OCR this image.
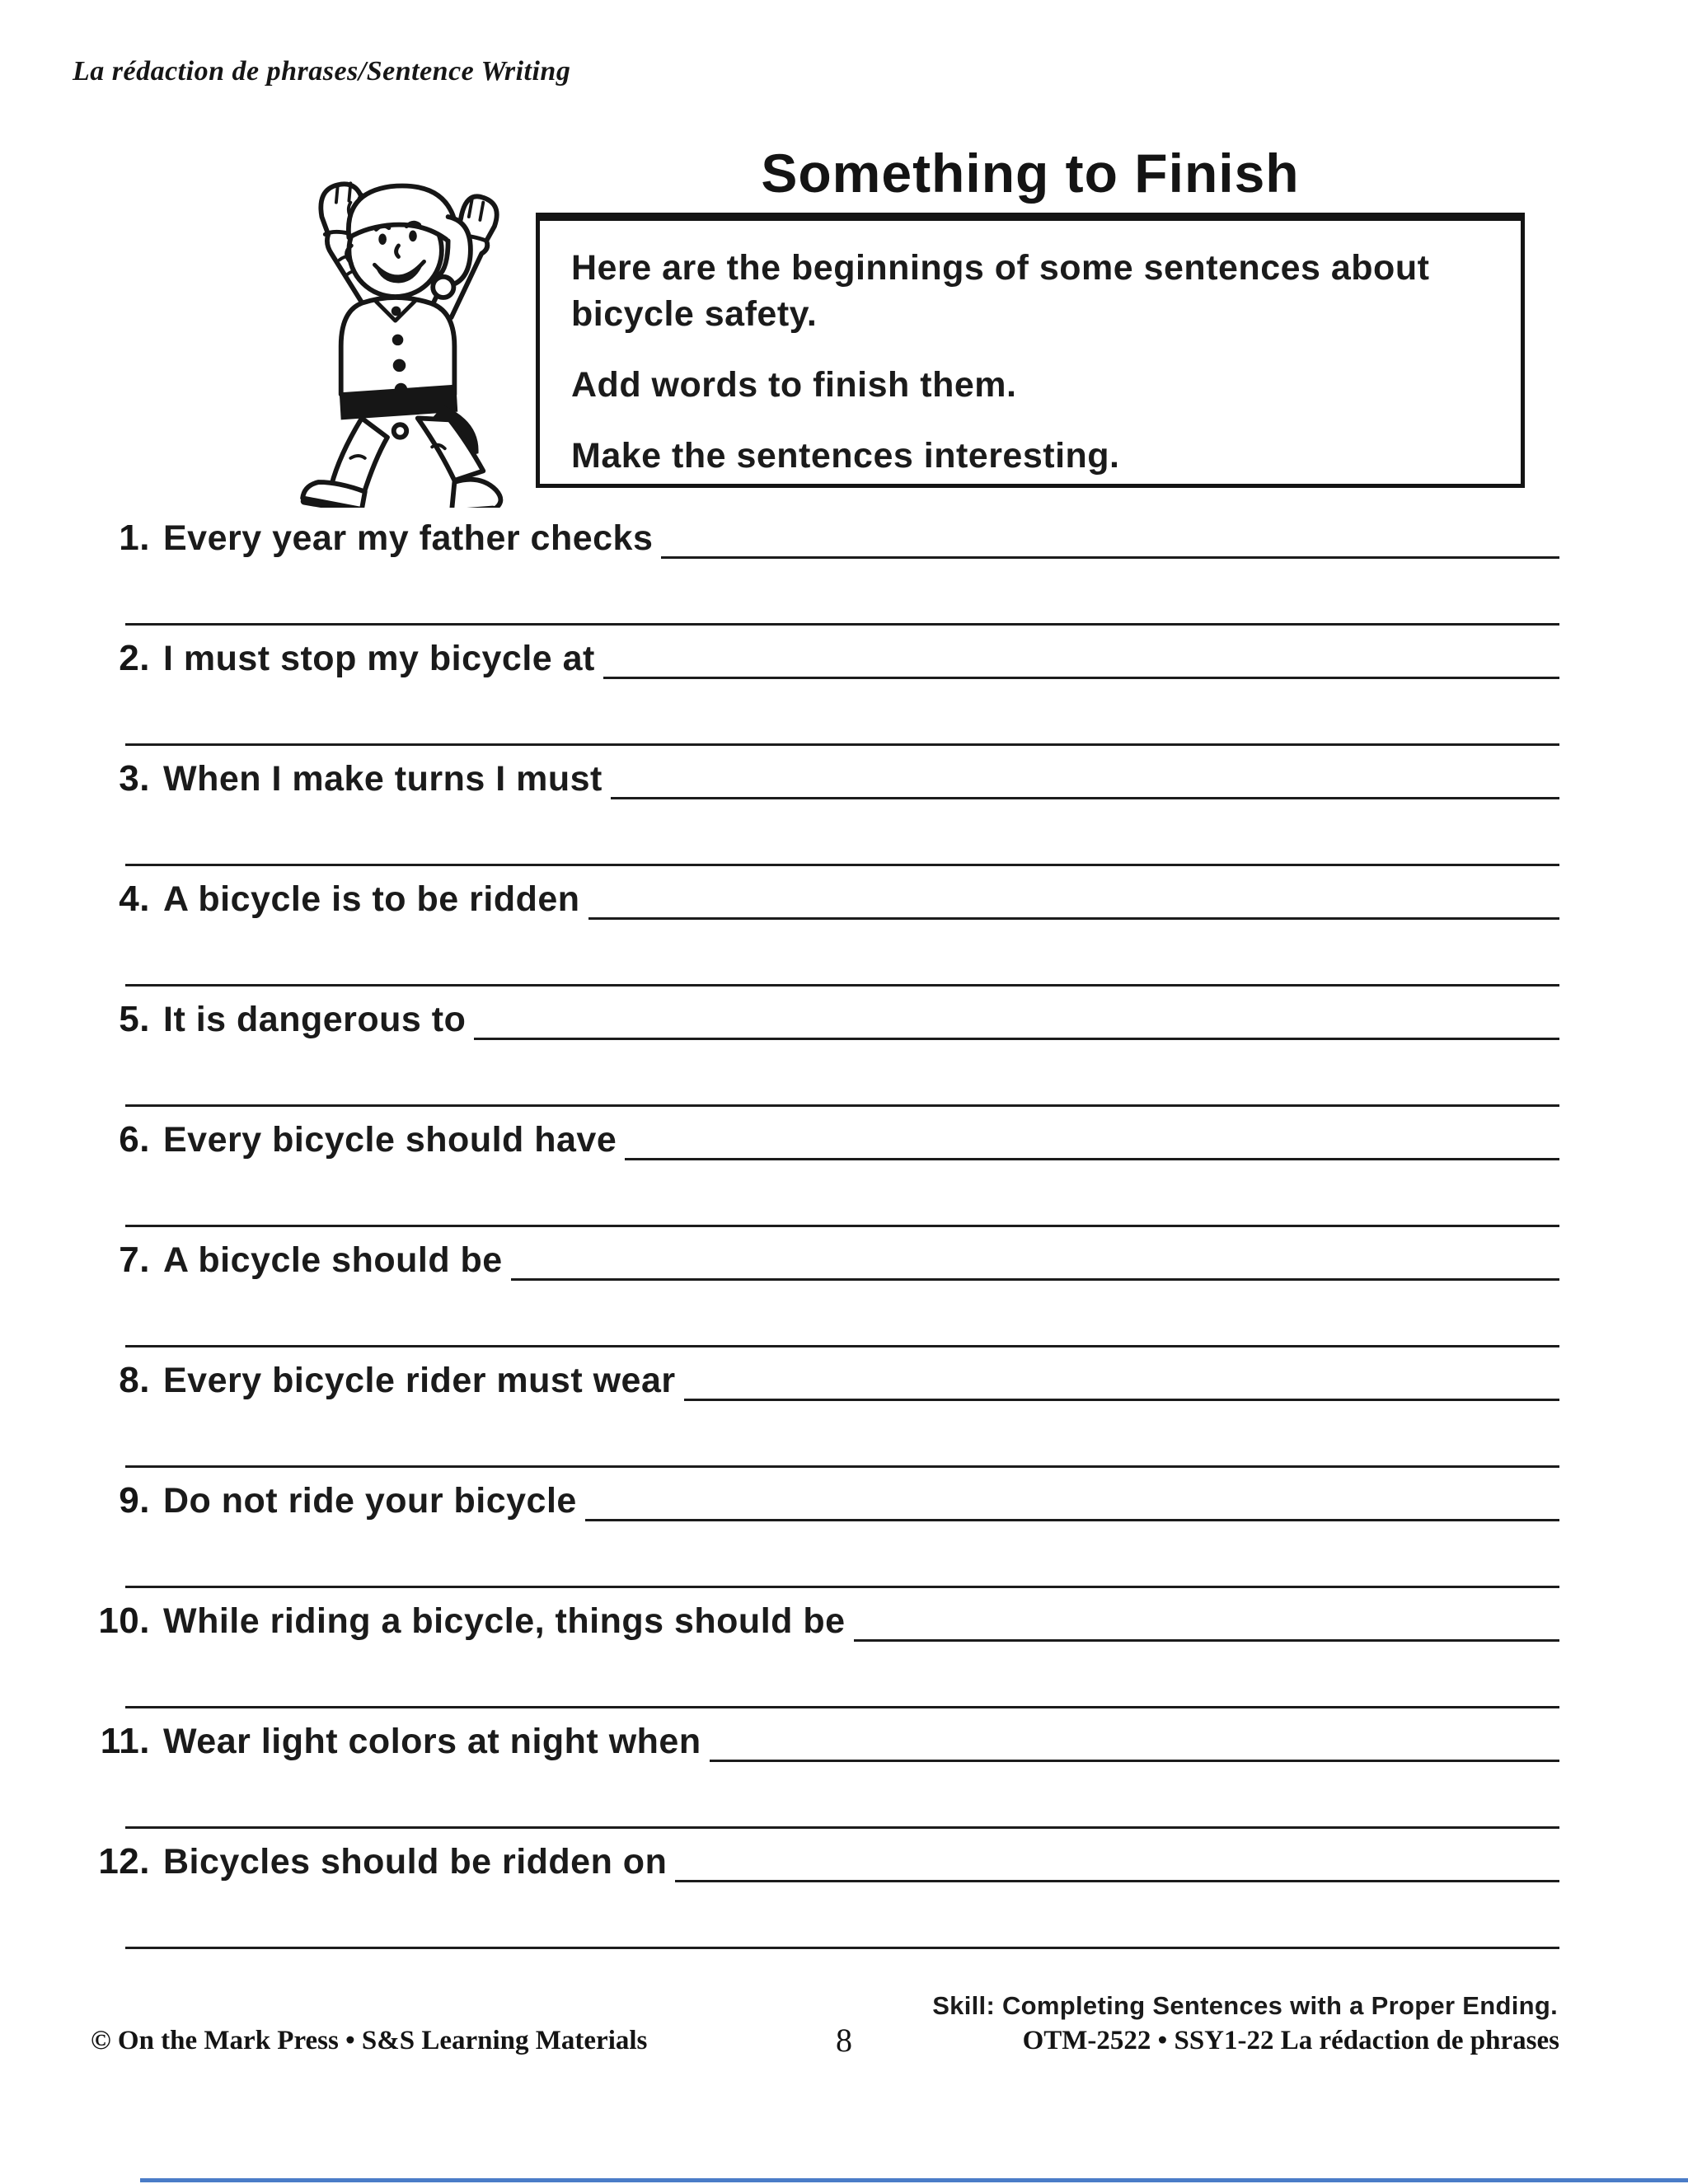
La rédaction de phrases/Sentence Writing
Something to Finish

Here are the beginnings of some sentences about bicycle safety.

Add words to finish them.

Make the sentences interesting.

1. Every year my father checks
2. I must stop my bicycle at
3. When I make turns I must
4. A bicycle is to be ridden
5. It is dangerous to
6. Every bicycle should have
7. A bicycle should be
8. Every bicycle rider must wear
9. Do not ride your bicycle
10. While riding a bicycle, things should be
11. Wear light colors at night when
12. Bicycles should be ridden on
Skill: Completing Sentences with a Proper Ending.
© On the Mark Press • S&S Learning Materials	8	OTM-2522 • SSY1-22 La rédaction de phrases
